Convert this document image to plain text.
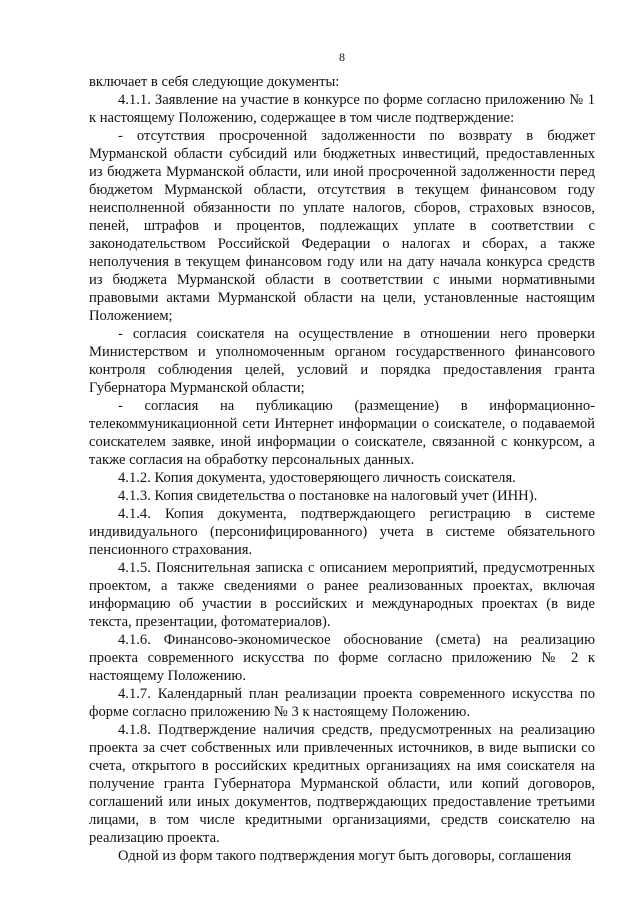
8

включает в себя следующие документы:

4.1.1. Заявление на участие в конкурсе по форме согласно приложению № 1 к настоящему Положению, содержащее в том числе подтверждение:

- отсутствия просроченной задолженности по возврату в бюджет Мурманской области субсидий или бюджетных инвестиций, предоставленных из бюджета Мурманской области, или иной просроченной задолженности перед бюджетом Мурманской области, отсутствия в текущем финансовом году неисполненной обязанности по уплате налогов, сборов, страховых взносов, пеней, штрафов и процентов, подлежащих уплате в соответствии с законодательством Российской Федерации о налогах и сборах, а также неполучения в текущем финансовом году или на дату начала конкурса средств из бюджета Мурманской области в соответствии с иными нормативными правовыми актами Мурманской области на цели, установленные настоящим Положением;

- согласия соискателя на осуществление в отношении него проверки Министерством и уполномоченным органом государственного финансового контроля соблюдения целей, условий и порядка предоставления гранта Губернатора Мурманской области;

- согласия на публикацию (размещение) в информационно-телекоммуникационной сети Интернет информации о соискателе, о подаваемой соискателем заявке, иной информации о соискателе, связанной с конкурсом, а также согласия на обработку персональных данных.

4.1.2. Копия документа, удостоверяющего личность соискателя.

4.1.3. Копия свидетельства о постановке на налоговый учет (ИНН).

4.1.4. Копия документа, подтверждающего регистрацию в системе индивидуального (персонифицированного) учета в системе обязательного пенсионного страхования.

4.1.5. Пояснительная записка с описанием мероприятий, предусмотренных проектом, а также сведениями о ранее реализованных проектах, включая информацию об участии в российских и международных проектах (в виде текста, презентации, фотоматериалов).

4.1.6. Финансово-экономическое обоснование (смета) на реализацию проекта современного искусства по форме согласно приложению № 2 к настоящему Положению.

4.1.7. Календарный план реализации проекта современного искусства по форме согласно приложению № 3 к настоящему Положению.

4.1.8. Подтверждение наличия средств, предусмотренных на реализацию проекта за счет собственных или привлеченных источников, в виде выписки со счета, открытого в российских кредитных организациях на имя соискателя на получение гранта Губернатора Мурманской области, или копий договоров, соглашений или иных документов, подтверждающих предоставление третьими лицами, в том числе кредитными организациями, средств соискателю на реализацию проекта.

Одной из форм такого подтверждения могут быть договоры, соглашения
